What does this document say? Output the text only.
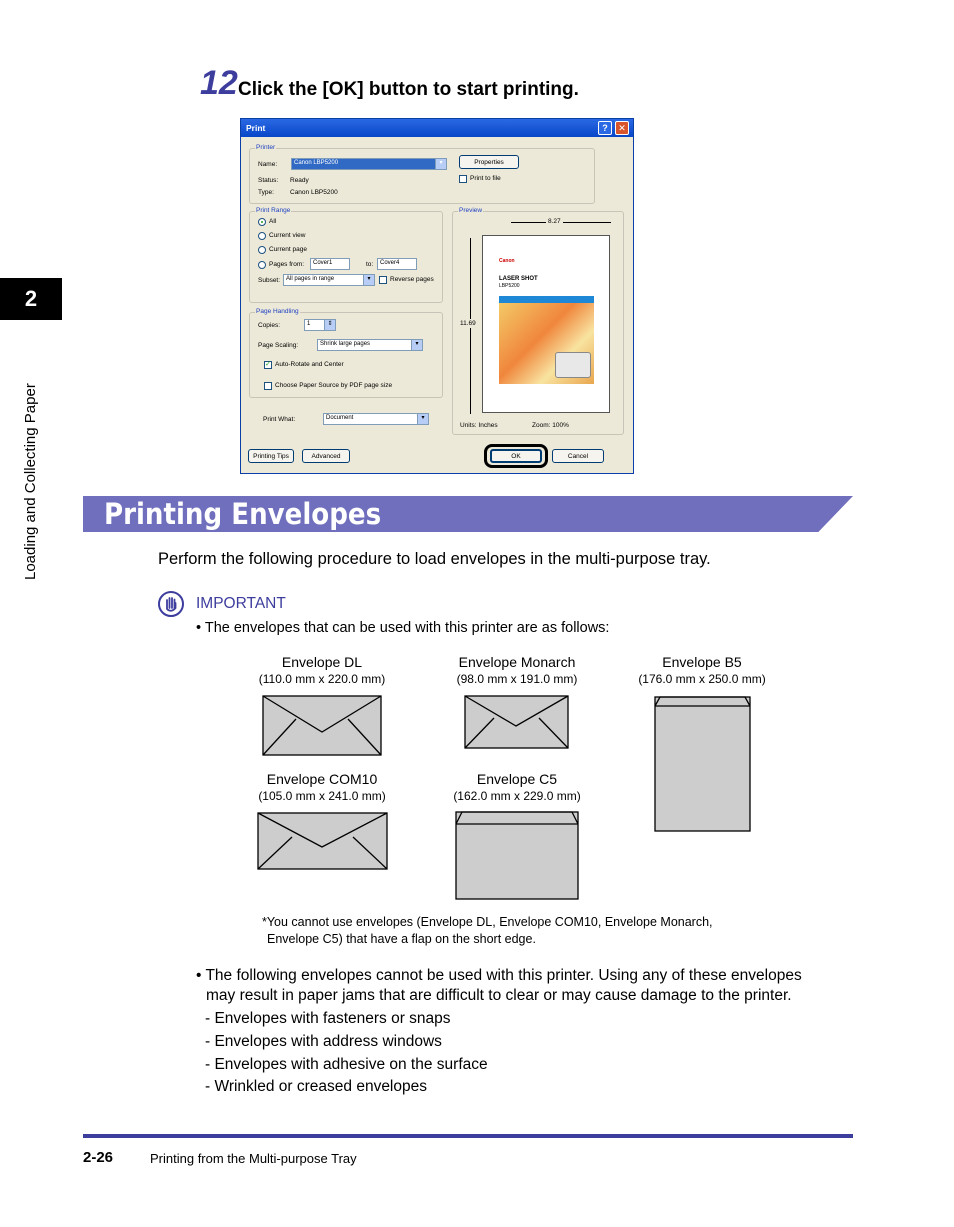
2
Loading and Collecting Paper
12 Click the [OK] button to start printing.
Print	?	✕
Printer
Name:	Canon LBP5200	▾
Status: Ready
Type: Canon LBP5200
Properties
Print to file
Print Range
All
Current view
Current page
Pages from:	Cover1	to:	Cover4
Subset: All pages in range	▾	Reverse pages
Page Handling
Copies:	1	⇕
Page Scaling:	Shrink large pages	▾
✓ Auto-Rotate and Center
Choose Paper Source by PDF page size
Print What:	Document	▾
Preview
8.27
11.69
Units: Inches	Zoom: 100%
Canon
LASER SHOT
LBP5200
Printing Tips	Advanced	OK	Cancel
Printing Envelopes
Perform the following procedure to load envelopes in the multi-purpose tray.
IMPORTANT
• The envelopes that can be used with this printer are as follows:
Envelope DL
(110.0 mm x 220.0 mm)
Envelope Monarch
(98.0 mm x 191.0 mm)
Envelope B5
(176.0 mm x 250.0 mm)
Envelope COM10
(105.0 mm x 241.0 mm)
Envelope C5
(162.0 mm x 229.0 mm)
*You cannot use envelopes (Envelope DL, Envelope COM10, Envelope Monarch,
Envelope C5) that have a flap on the short edge.
• The following envelopes cannot be used with this printer. Using any of these envelopes
may result in paper jams that are difficult to clear or may cause damage to the printer.
- Envelopes with fasteners or snaps
- Envelopes with address windows
- Envelopes with adhesive on the surface
- Wrinkled or creased envelopes
2-26	Printing from the Multi-purpose Tray
